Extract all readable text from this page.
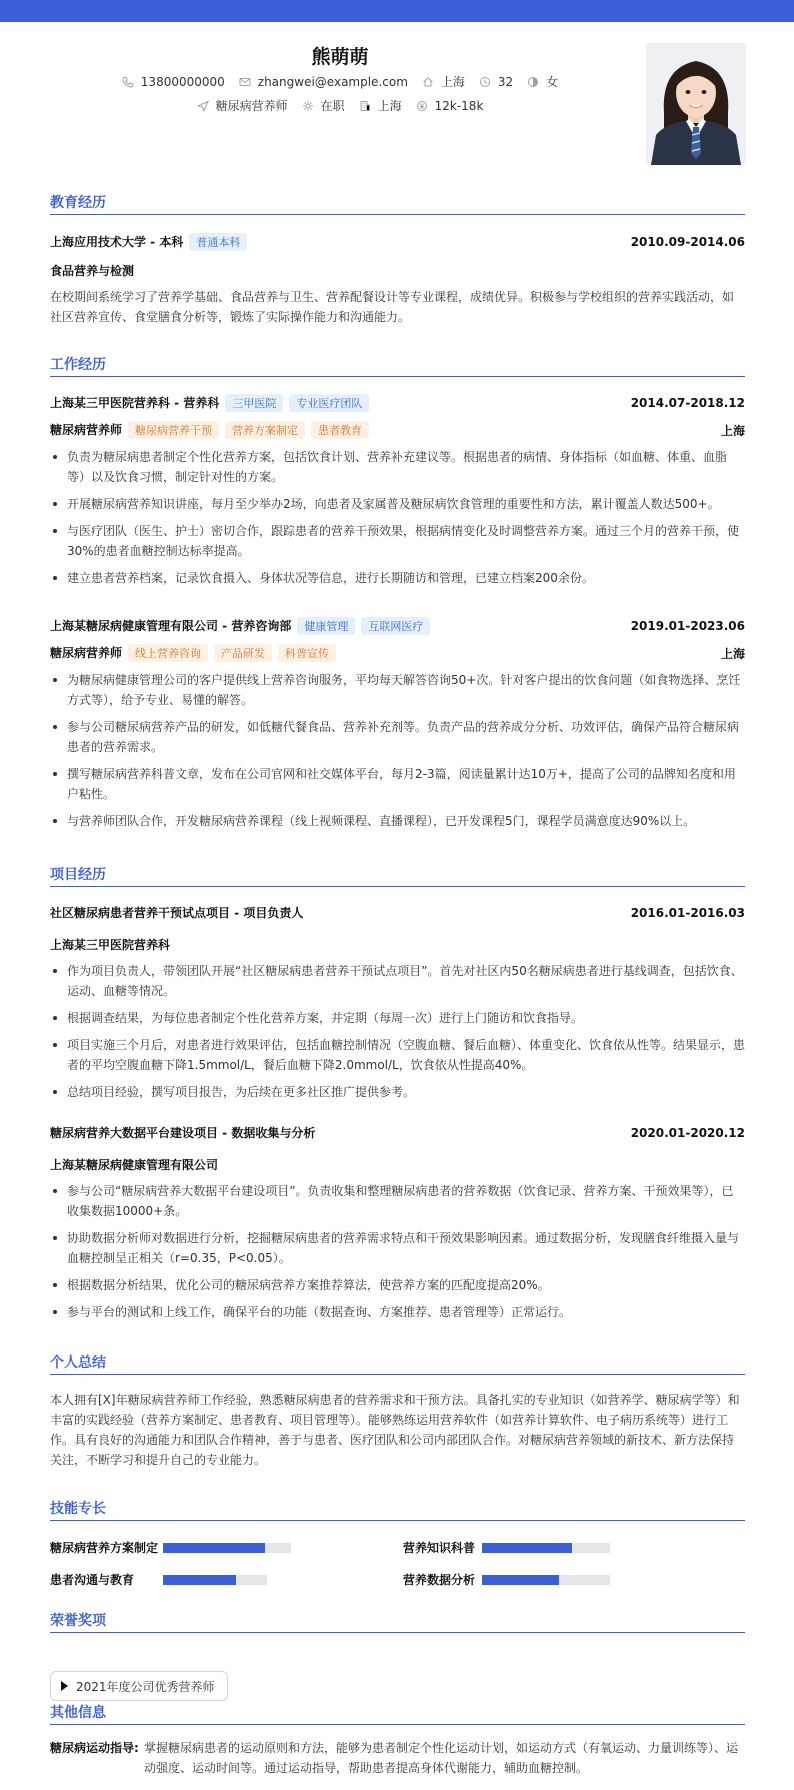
熊萌萌
13800000000	zhangwei@example.com	上海	32	女
糖尿病营养师	在职	上海	12k-18k
教育经历
上海应用技术大学 - 本科 普通本科	2010.09-2014.06
食品营养与检测
在校期间系统学习了营养学基础、食品营养与卫生、营养配餐设计等专业课程，成绩优异。积极参与学校组织的营养实践活动，如社区营养宣传、食堂膳食分析等，锻炼了实际操作能力和沟通能力。
工作经历
上海某三甲医院营养科 - 营养科 三甲医院 专业医疗团队	2014.07-2018.12
糖尿病营养师 糖尿病营养干预 营养方案制定 患者教育	上海
负责为糖尿病患者制定个性化营养方案，包括饮食计划、营养补充建议等。根据患者的病情、身体指标（如血糖、体重、血脂等）以及饮食习惯，制定针对性的方案。
开展糖尿病营养知识讲座，每月至少举办2场，向患者及家属普及糖尿病饮食管理的重要性和方法，累计覆盖人数达500+。
与医疗团队（医生、护士）密切合作，跟踪患者的营养干预效果，根据病情变化及时调整营养方案。通过三个月的营养干预，使30%的患者血糖控制达标率提高。
建立患者营养档案，记录饮食摄入、身体状况等信息，进行长期随访和管理，已建立档案200余份。
上海某糖尿病健康管理有限公司 - 营养咨询部 健康管理 互联网医疗	2019.01-2023.06
糖尿病营养师 线上营养咨询 产品研发 科普宣传	上海
为糖尿病健康管理公司的客户提供线上营养咨询服务，平均每天解答咨询50+次。针对客户提出的饮食问题（如食物选择、烹饪方式等），给予专业、易懂的解答。
参与公司糖尿病营养产品的研发，如低糖代餐食品、营养补充剂等。负责产品的营养成分分析、功效评估，确保产品符合糖尿病患者的营养需求。
撰写糖尿病营养科普文章，发布在公司官网和社交媒体平台，每月2-3篇，阅读量累计达10万+，提高了公司的品牌知名度和用户粘性。
与营养师团队合作，开发糖尿病营养课程（线上视频课程、直播课程），已开发课程5门，课程学员满意度达90%以上。
项目经历
社区糖尿病患者营养干预试点项目 - 项目负责人	2016.01-2016.03
上海某三甲医院营养科
作为项目负责人，带领团队开展“社区糖尿病患者营养干预试点项目”。首先对社区内50名糖尿病患者进行基线调查，包括饮食、运动、血糖等情况。
根据调查结果，为每位患者制定个性化营养方案，并定期（每周一次）进行上门随访和饮食指导。
项目实施三个月后，对患者进行效果评估，包括血糖控制情况（空腹血糖、餐后血糖）、体重变化、饮食依从性等。结果显示，患者的平均空腹血糖下降1.5mmol/L，餐后血糖下降2.0mmol/L，饮食依从性提高40%。
总结项目经验，撰写项目报告，为后续在更多社区推广提供参考。
糖尿病营养大数据平台建设项目 - 数据收集与分析	2020.01-2020.12
上海某糖尿病健康管理有限公司
参与公司“糖尿病营养大数据平台建设项目”。负责收集和整理糖尿病患者的营养数据（饮食记录、营养方案、干预效果等），已收集数据10000+条。
协助数据分析师对数据进行分析，挖掘糖尿病患者的营养需求特点和干预效果影响因素。通过数据分析，发现膳食纤维摄入量与血糖控制呈正相关（r=0.35，P<0.05）。
根据数据分析结果，优化公司的糖尿病营养方案推荐算法，使营养方案的匹配度提高20%。
参与平台的测试和上线工作，确保平台的功能（数据查询、方案推荐、患者管理等）正常运行。
个人总结
本人拥有[X]年糖尿病营养师工作经验，熟悉糖尿病患者的营养需求和干预方法。具备扎实的专业知识（如营养学、糖尿病学等）和丰富的实践经验（营养方案制定、患者教育、项目管理等）。能够熟练运用营养软件（如营养计算软件、电子病历系统等）进行工作。具有良好的沟通能力和团队合作精神，善于与患者、医疗团队和公司内部团队合作。对糖尿病营养领域的新技术、新方法保持关注，不断学习和提升自己的专业能力。
技能专长
糖尿病营养方案制定	营养知识科普
患者沟通与教育	营养数据分析
荣誉奖项
2021年度公司优秀营养师
其他信息
糖尿病运动指导: 掌握糖尿病患者的运动原则和方法，能够为患者制定个性化运动计划，如运动方式（有氧运动、力量训练等）、运动强度、运动时间等。通过运动指导，帮助患者提高身体代谢能力，辅助血糖控制。
